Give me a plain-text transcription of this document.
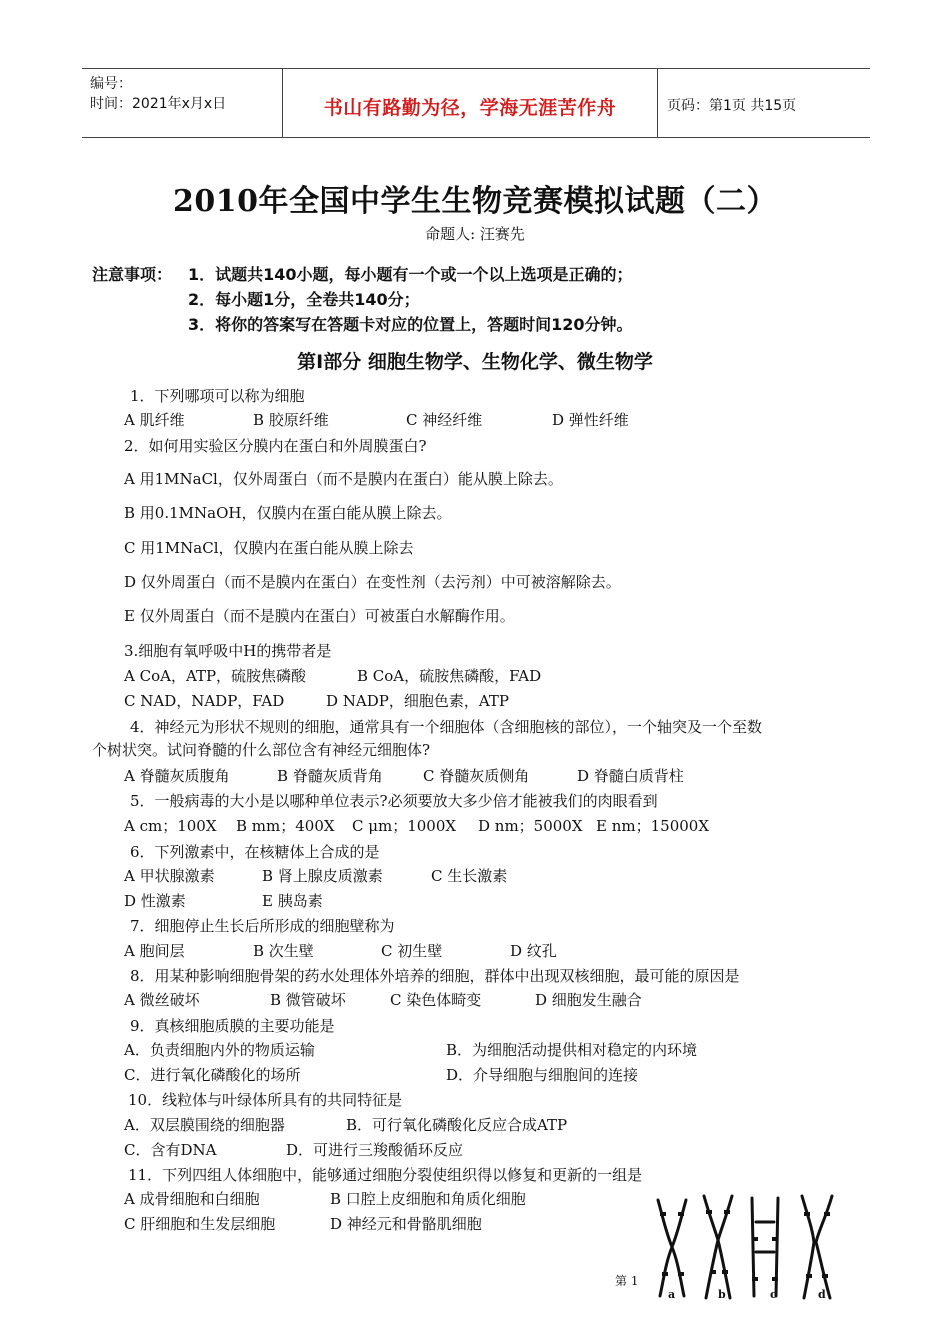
编号：
时间：2021年x月x日	书山有路勤为径，学海无涯苦作舟	页码：第1页 共15页
2010年全国中学生生物竞赛模拟试题（二）
命题人: 汪赛先
注意事项： 1．试题共140小题，每小题有一个或一个以上选项是正确的；
2．每小题1分，全卷共140分；
3．将你的答案写在答题卡对应的位置上，答题时间120分钟。
第Ⅰ部分 细胞生物学、生物化学、微生物学
1．下列哪项可以称为细胞
A 肌纤维	B 胶原纤维	C 神经纤维	D 弹性纤维
2．如何用实验区分膜内在蛋白和外周膜蛋白?
A 用1MNaCl，仅外周蛋白（而不是膜内在蛋白）能从膜上除去。
B 用0.1MNaOH，仅膜内在蛋白能从膜上除去。
C 用1MNaCl，仅膜内在蛋白能从膜上除去
D 仅外周蛋白（而不是膜内在蛋白）在变性剂（去污剂）中可被溶解除去。
E 仅外周蛋白（而不是膜内在蛋白）可被蛋白水解酶作用。
3.细胞有氧呼吸中H的携带者是
A CoA，ATP，硫胺焦磷酸	B CoA，硫胺焦磷酸，FAD
C NAD，NADP，FAD	D NADP，细胞色素，ATP
4．神经元为形状不规则的细胞，通常具有一个细胞体（含细胞核的部位），一个轴突及一个至数
个树状突。试问脊髓的什么部位含有神经元细胞体?
A 脊髓灰质腹角	B 脊髓灰质背角	C 脊髓灰质侧角	D 脊髓白质背柱
5．一般病毒的大小是以哪种单位表示?必须要放大多少倍才能被我们的肉眼看到
A cm；100X B mm；400X C μm；1000X D nm；5000X E nm；15000X
6．下列激素中，在核糖体上合成的是
A 甲状腺激素	B 肾上腺皮质激素	C 生长激素
D 性激素	E 胰岛素
7．细胞停止生长后所形成的细胞壁称为
A 胞间层	B 次生壁	C 初生壁	D 纹孔
8．用某种影响细胞骨架的药水处理体外培养的细胞，群体中出现双核细胞，最可能的原因是
A 微丝破坏	B 微管破坏	C 染色体畸变	D 细胞发生融合
9．真核细胞质膜的主要功能是
A．负责细胞内外的物质运输	B．为细胞活动提供相对稳定的内环境
C．进行氧化磷酸化的场所	D．介导细胞与细胞间的连接
10．线粒体与叶绿体所具有的共同特征是
A．双层膜围绕的细胞器	B．可行氧化磷酸化反应合成ATP
C．含有DNA	D．可进行三羧酸循环反应
11．下列四组人体细胞中，能够通过细胞分裂使组织得以修复和更新的一组是
A 成骨细胞和白细胞	B 口腔上皮细胞和角质化细胞
C 肝细胞和生发层细胞	D 神经元和骨骼肌细胞
a	b	c	d
第 1
